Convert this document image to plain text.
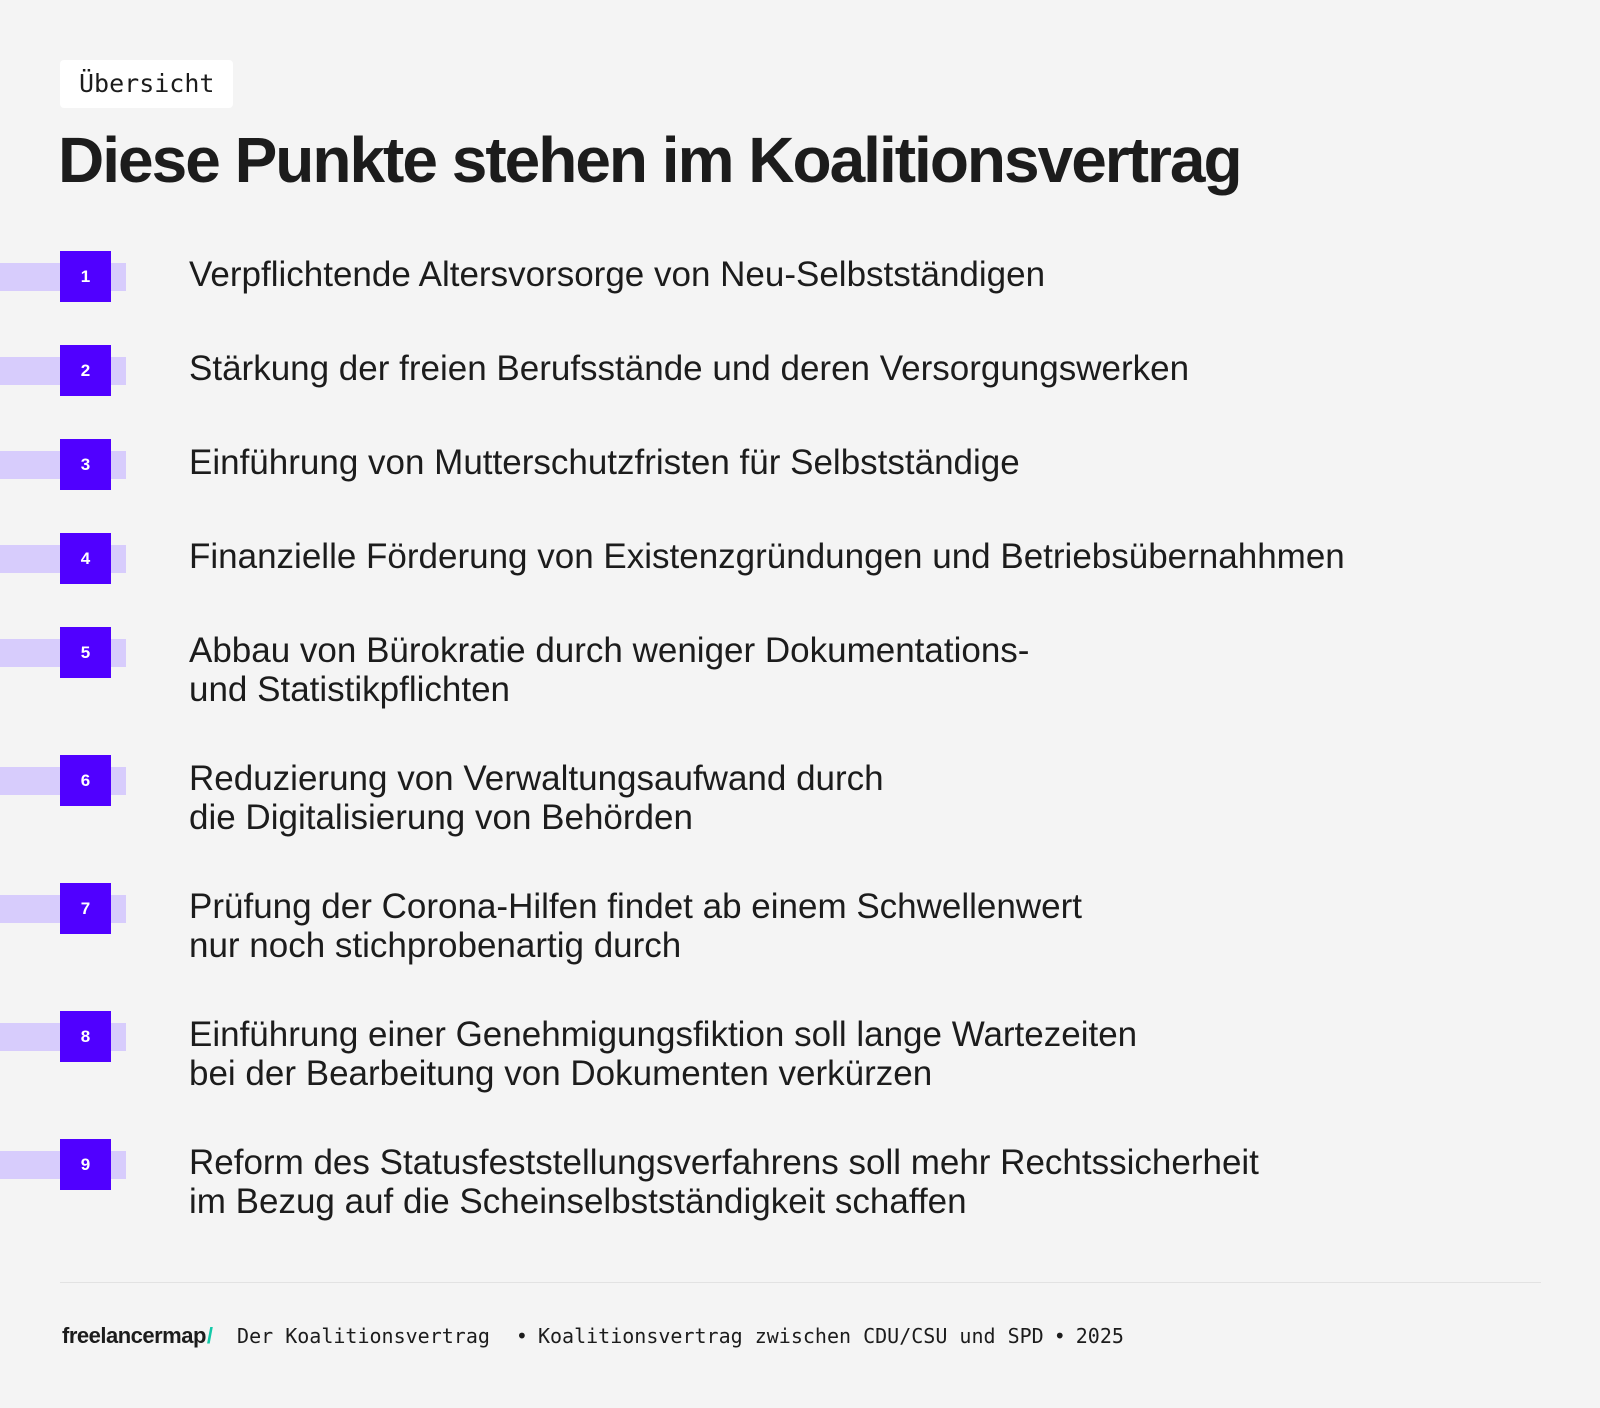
Übersicht
Diese Punkte stehen im Koalitionsvertrag
1	Verpflichtende Altersvorsorge von Neu-Selbstständigen
2	Stärkung der freien Berufsstände und deren Versorgungswerken
3	Einführung von Mutterschutzfristen für Selbstständige
4	Finanzielle Förderung von Existenzgründungen und Betriebsübernahhmen
5	Abbau von Bürokratie durch weniger Dokumentations-
und Statistikpflichten
6	Reduzierung von Verwaltungsaufwand durch
die Digitalisierung von Behörden
7	Prüfung der Corona-Hilfen findet ab einem Schwellenwert
nur noch stichprobenartig durch
8	Einführung einer Genehmigungsfiktion soll lange Wartezeiten
bei der Bearbeitung von Dokumenten verkürzen
9	Reform des Statusfeststellungsverfahrens soll mehr Rechtssicherheit
im Bezug auf die Scheinselbstständigkeit schaffen
freelancermap / Der Koalitionsvertrag • Koalitionsvertrag zwischen CDU/CSU und SPD • 2025
